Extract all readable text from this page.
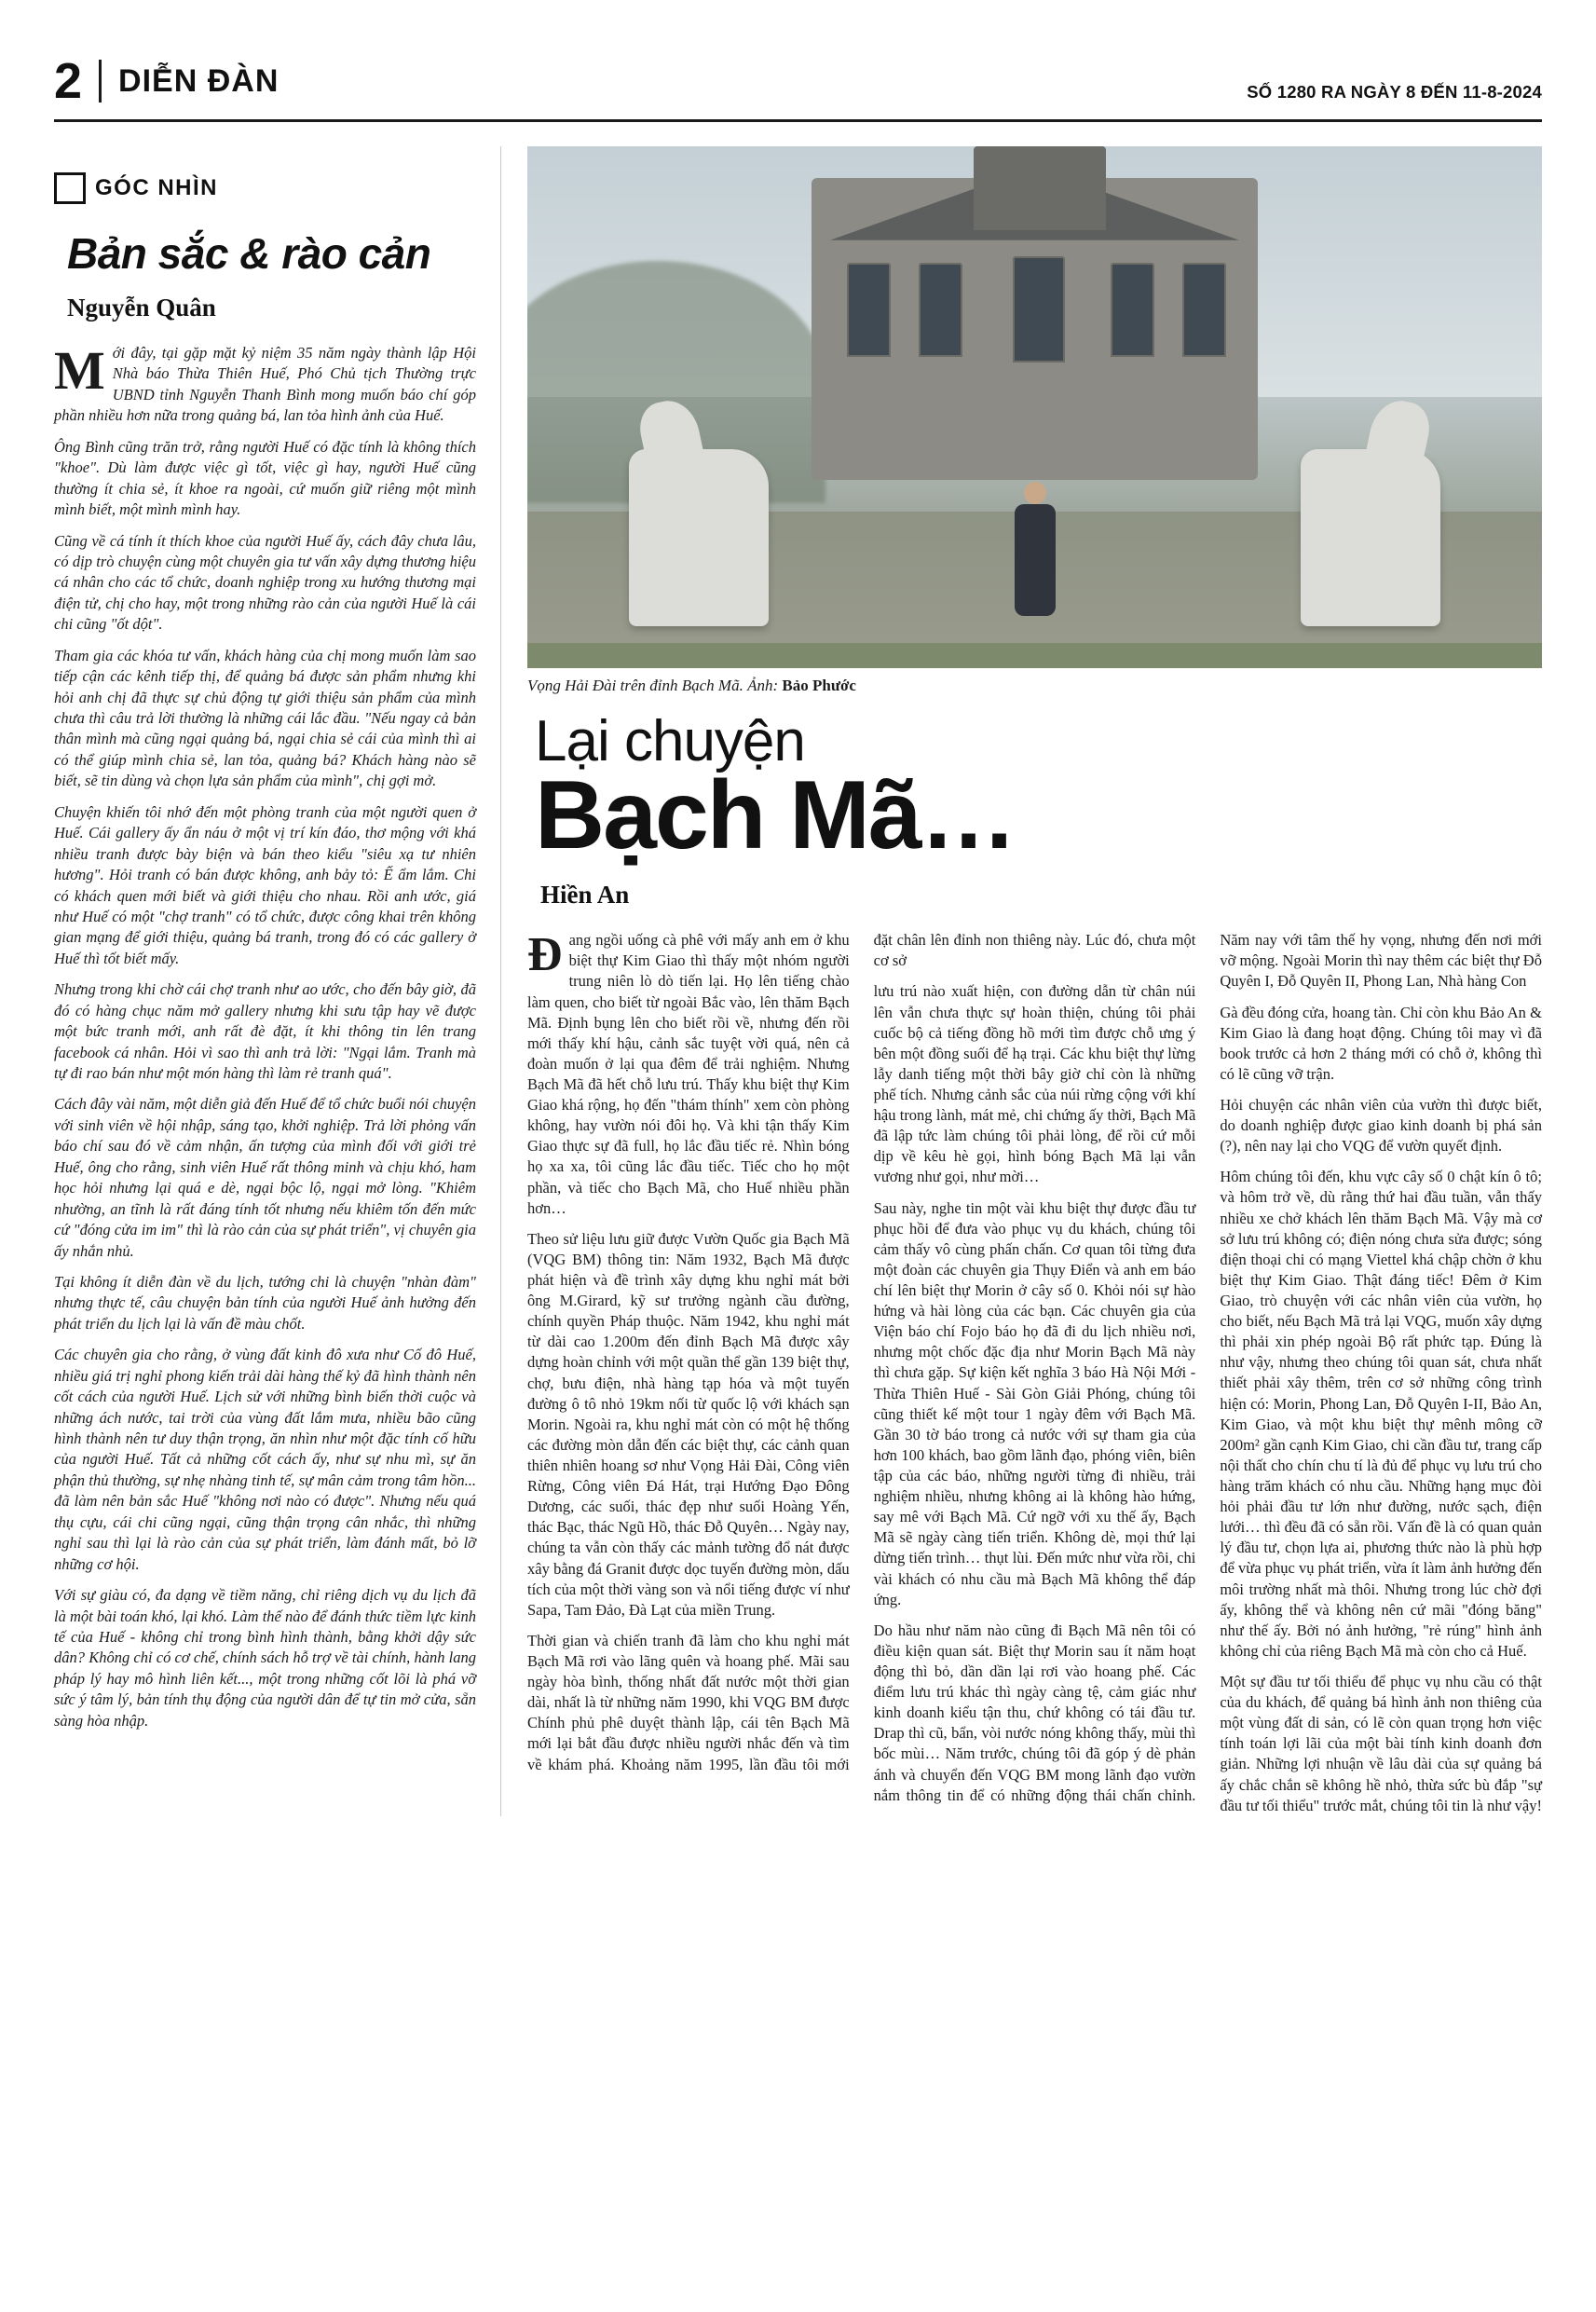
2 DIỄN ĐÀN	SỐ 1280 RA NGÀY 8 ĐẾN 11-8-2024
GÓC NHÌN
Bản sắc & rào cản
Nguyễn Quân

Mới đây, tại gặp mặt kỷ niệm 35 năm ngày thành lập Hội Nhà báo Thừa Thiên Huế, Phó Chủ tịch Thường trực UBND tỉnh Nguyễn Thanh Bình mong muốn báo chí góp phần nhiều hơn nữa trong quảng bá, lan tỏa hình ảnh của Huế.

Ông Bình cũng trăn trở, rằng người Huế có đặc tính là không thích "khoe". Dù làm được việc gì tốt, việc gì hay, người Huế cũng thường ít chia sẻ, ít khoe ra ngoài, cứ muốn giữ riêng một mình mình biết, một mình mình hay.

Cũng về cá tính ít thích khoe của người Huế ấy, cách đây chưa lâu, có dịp trò chuyện cùng một chuyên gia tư vấn xây dựng thương hiệu cá nhân cho các tổ chức, doanh nghiệp trong xu hướng thương mại điện tử, chị cho hay, một trong những rào cản của người Huế là cái chi cũng "ốt dột".

Tham gia các khóa tư vấn, khách hàng của chị mong muốn làm sao tiếp cận các kênh tiếp thị, để quảng bá được sản phẩm nhưng khi hỏi anh chị đã thực sự chủ động tự giới thiệu sản phẩm của mình chưa thì câu trả lời thường là những cái lắc đầu. "Nếu ngay cả bản thân mình mà cũng ngại quảng bá, ngại chia sẻ cái của mình thì ai có thể giúp mình chia sẻ, lan tỏa, quảng bá? Khách hàng nào sẽ biết, sẽ tin dùng và chọn lựa sản phẩm của mình", chị gợi mở.

Chuyện khiến tôi nhớ đến một phòng tranh của một người quen ở Huế. Cái gallery ấy ẩn náu ở một vị trí kín đáo, thơ mộng với khá nhiều tranh được bày biện và bán theo kiểu "siêu xạ tư nhiên hương". Hỏi tranh có bán được không, anh bảy tỏ: Ế ẩm lắm. Chi có khách quen mới biết và giới thiệu cho nhau. Rồi anh ước, giá như Huế có một "chợ tranh" có tổ chức, được công khai trên không gian mạng để giới thiệu, quảng bá tranh, trong đó có các gallery ở Huế thì tốt biết mấy.

Nhưng trong khi chờ cái chợ tranh như ao ước, cho đến bây giờ, đã đó có hàng chục năm mở gallery nhưng khi sưu tập hay vẽ được một bức tranh mới, anh rất đè đặt, ít khi thông tin lên trang facebook cá nhân. Hỏi vì sao thì anh trả lời: "Ngại lắm. Tranh mà tự đi rao bán như một món hàng thì làm rẻ tranh quá".

Cách đây vài năm, một diễn giả đến Huế để tổ chức buổi nói chuyện với sinh viên về hội nhập, sáng tạo, khởi nghiệp. Trả lời phỏng vấn báo chí sau đó về cảm nhận, ấn tượng của mình đối với giới trẻ Huế, ông cho rằng, sinh viên Huế rất thông minh và chịu khó, ham học hỏi nhưng lại quá e dè, ngại bộc lộ, ngại mở lòng. "Khiêm nhường, an tĩnh là rất đáng tính tốt nhưng nếu khiêm tốn đến mức cứ "đóng cửa im im" thì là rào cản của sự phát triển", vị chuyên gia ấy nhắn nhủ.

Tại không ít diễn đàn về du lịch, tướng chi là chuyện "nhàn đàm" nhưng thực tế, câu chuyện bản tính của người Huế ảnh hưởng đến phát triển du lịch lại là vấn đề màu chốt.

Các chuyên gia cho rằng, ở vùng đất kinh đô xưa như Cố đô Huế, nhiều giá trị nghỉ phong kiến trải dài hàng thế kỷ đã hình thành nên cốt cách của người Huế. Lịch sử với những bình biến thời cuộc và những ách nước, tai trời của vùng đất lắm mưa, nhiều bão cũng hình thành nên tư duy thận trọng, ăn nhìn như một đặc tính cố hữu của người Huế. Tất cả những cốt cách ấy, như sự nhu mì, sự ăn phận thủ thường, sự nhẹ nhàng tinh tế, sự mân cảm trong tâm hồn... đã làm nên bản sắc Huế "không nơi nào có được". Nhưng nếu quá thụ cựu, cái chi cũng ngại, cũng thận trọng cân nhắc, thì những nghỉ sau thì lại là rào cản của sự phát triển, làm đánh mất, bỏ lỡ những cơ hội.

Với sự giàu có, đa dạng về tiềm năng, chỉ riêng dịch vụ du lịch đã là một bài toán khó, lại khó. Làm thế nào để đánh thức tiềm lực kinh tế của Huế - không chỉ trong bình hình thành, bằng khởi dậy sức dân? Không chỉ có cơ chế, chính sách hỗ trợ về tài chính, hành lang pháp lý hay mô hình liên kết..., một trong những cốt lõi là phá vỡ sức ý tâm lý, bản tính thụ động của người dân để tự tin mở cửa, sẵn sàng hòa nhập.

Vọng Hải Đài trên đỉnh Bạch Mã. Ảnh: Bảo Phước
Lại chuyện
Bạch Mã…
Hiền An

Đang ngồi uống cà phê với mấy anh em ở khu biệt thự Kim Giao thì thấy một nhóm người trung niên lò dò tiến lại. Họ lên tiếng chào làm quen, cho biết từ ngoài Bắc vào, lên thăm Bạch Mã. Định bụng lên cho biết rồi về, nhưng đến rồi mới thấy khí hậu, cảnh sắc tuyệt vời quá, nên cả đoàn muốn ở lại qua đêm để trải nghiệm. Nhưng Bạch Mã đã hết chỗ lưu trú. Thấy khu biệt thự Kim Giao khá rộng, họ đến "thám thính" xem còn phòng không, hay vườn nói đôi họ. Và khi tận thấy Kim Giao thực sự đã full, họ lắc đầu tiếc rẻ. Nhìn bóng họ xa xa, tôi cũng lắc đầu tiếc. Tiếc cho họ một phần, và tiếc cho Bạch Mã, cho Huế nhiều phần hơn…

Theo sử liệu lưu giữ được Vườn Quốc gia Bạch Mã (VQG BM) thông tin: Năm 1932, Bạch Mã được phát hiện và đề trình xây dựng khu nghỉ mát bởi ông M.Girard, kỹ sư trưởng ngành cầu đường, chính quyền Pháp thuộc. Năm 1942, khu nghỉ mát từ dài cao 1.200m đến đỉnh Bạch Mã được xây dựng hoàn chỉnh với một quần thể gần 139 biệt thự, chợ, bưu điện, nhà hàng tạp hóa và một tuyến đường ô tô nhỏ 19km nối từ quốc lộ với khách sạn Morin. Ngoài ra, khu nghỉ mát còn có một hệ thống các đường mòn dẫn đến các biệt thự, các cảnh quan thiên nhiên hoang sơ như Vọng Hải Đài, Công viên Rừng, Công viên Đá Hát, trại Hướng Đạo Đông Dương, các suối, thác đẹp như suối Hoàng Yến, thác Bạc, thác Ngũ Hồ, thác Đỗ Quyên… Ngày nay, chúng ta vẫn còn thấy các mảnh tường đổ nát được xây bằng đá Granit được dọc tuyến đường mòn, dấu tích của một thời vàng son và nổi tiếng được ví như Sapa, Tam Đảo, Đà Lạt của miền Trung.

Thời gian và chiến tranh đã làm cho khu nghỉ mát Bạch Mã rơi vào lãng quên và hoang phế. Mãi sau ngày hòa bình, thống nhất đất nước một thời gian dài, nhất là từ những năm 1990, khi VQG BM được Chính phủ phê duyệt thành lập, cái tên Bạch Mã mới lại bắt đầu được nhiều người nhắc đến và tìm về khám phá. Khoảng năm 1995, lần đầu tôi mới đặt chân lên đỉnh non thiêng này. Lúc đó, chưa một cơ sở

lưu trú nào xuất hiện, con đường dẫn từ chân núi lên vẫn chưa thực sự hoàn thiện, chúng tôi phải cuốc bộ cả tiếng đồng hồ mới tìm được chỗ ưng ý bên một đồng suối để hạ trại. Các khu biệt thự lừng lẫy danh tiếng một thời bây giờ chỉ còn là những phế tích. Nhưng cảnh sắc của núi rừng cộng với khí hậu trong lành, mát mẻ, chi chứng ấy thời, Bạch Mã đã lập tức làm chúng tôi phải lòng, để rồi cứ mỗi dịp về kêu hè gọi, hình bóng Bạch Mã lại vẫn vương như gọi, như mời…

Sau này, nghe tin một vài khu biệt thự được đầu tư phục hồi để đưa vào phục vụ du khách, chúng tôi cảm thấy vô cùng phấn chấn. Cơ quan tôi từng đưa một đoàn các chuyên gia Thụy Điển và anh em báo chí lên biệt thự Morin ở cây số 0. Khỏi nói sự hào hứng và hài lòng của các bạn. Các chuyên gia của Viện báo chí Fojo báo họ đã đi du lịch nhiều nơi, nhưng một chốc đặc địa như Morin Bạch Mã này thì chưa gặp. Sự kiện kết nghĩa 3 báo Hà Nội Mới - Thừa Thiên Huế - Sài Gòn Giải Phóng, chúng tôi cũng thiết kế một tour 1 ngày đêm với Bạch Mã. Gần 30 tờ báo trong cả nước với sự tham gia của hơn 100 khách, bao gồm lãnh đạo, phóng viên, biên tập của các báo, những người từng đi nhiều, trải nghiệm nhiều, nhưng không ai là không hào hứng, say mê với Bạch Mã. Cứ ngỡ với xu thế ấy, Bạch Mã sẽ ngày càng tiến triển. Không dè, mọi thứ lại dừng tiến trình… thụt lùi. Đến mức như vừa rồi, chi vài khách có nhu cầu mà Bạch Mã không thể đáp ứng.

Do hầu như năm nào cũng đi Bạch Mã nên tôi có điều kiện quan sát. Biệt thự Morin sau ít năm hoạt động thì bỏ, dần dần lại rơi vào hoang phế. Các điểm lưu trú khác thì ngày càng tệ, cảm giác như kinh doanh kiểu tận thu, chứ không có tái đầu tư. Drap thì cũ, bẩn, vòi nước nóng không thấy, mùi thì bốc mùi… Năm trước, chúng tôi đã góp ý dè phản ánh và chuyển đến VQG BM mong lãnh đạo vườn nắm thông tin để có những động thái chấn chỉnh. Năm nay với tâm thế hy vọng, nhưng đến nơi mới vỡ mộng. Ngoài Morin thì nay thêm các biệt thự Đỗ Quyên I, Đỗ Quyên II, Phong Lan, Nhà hàng Con

Gà đều đóng cửa, hoang tàn. Chỉ còn khu Bảo An & Kim Giao là đang hoạt động. Chúng tôi may vì đã book trước cả hơn 2 tháng mới có chỗ ở, không thì có lẽ cũng vỡ trận.

Hỏi chuyện các nhân viên của vườn thì được biết, do doanh nghiệp được giao kinh doanh bị phá sản (?), nên nay lại cho VQG để vườn quyết định.

Hôm chúng tôi đến, khu vực cây số 0 chật kín ô tô; và hôm trở về, dù rằng thứ hai đầu tuần, vẫn thấy nhiều xe chở khách lên thăm Bạch Mã. Vậy mà cơ sở lưu trú không có; điện nóng chưa sửa được; sóng điện thoại chi có mạng Viettel khá chập chờn ở khu biệt thự Kim Giao. Thật đáng tiếc! Đêm ở Kim Giao, trò chuyện với các nhân viên của vườn, họ cho biết, nếu Bạch Mã trả lại VQG, muốn xây dựng thì phải xin phép ngoài Bộ rất phức tạp. Đúng là như vậy, nhưng theo chúng tôi quan sát, chưa nhất thiết phải xây thêm, trên cơ sở những công trình hiện có: Morin, Phong Lan, Đỗ Quyên I-II, Bảo An, Kim Giao, và một khu biệt thự mênh mông cỡ 200m² gần cạnh Kim Giao, chi cần đầu tư, trang cấp nội thất cho chín chu tí là đủ để phục vụ lưu trú cho hàng trăm khách có nhu cầu. Những hạng mục đòi hỏi phải đầu tư lớn như đường, nước sạch, điện lưới… thì đều đã có sẵn rồi. Vấn đề là có quan quản lý đầu tư, chọn lựa ai, phương thức nào là phù hợp để vừa phục vụ phát triển, vừa ít làm ảnh hưởng đến môi trường nhất mà thôi. Nhưng trong lúc chờ đợi ấy, không thể và không nên cứ mãi "đóng băng" như thế ấy. Bởi nó ảnh hưởng, "rẻ rúng" hình ảnh không chỉ của riêng Bạch Mã mà còn cho cả Huế.

Một sự đầu tư tối thiểu để phục vụ nhu cầu có thật của du khách, để quảng bá hình ảnh non thiêng của một vùng đất di sản, có lẽ còn quan trọng hơn việc tính toán lợi lãi của một bài tính kinh doanh đơn giản. Những lợi nhuận về lâu dài của sự quảng bá ấy chắc chắn sẽ không hề nhỏ, thừa sức bù đắp "sự đầu tư tối thiểu" trước mắt, chúng tôi tin là như vậy!
